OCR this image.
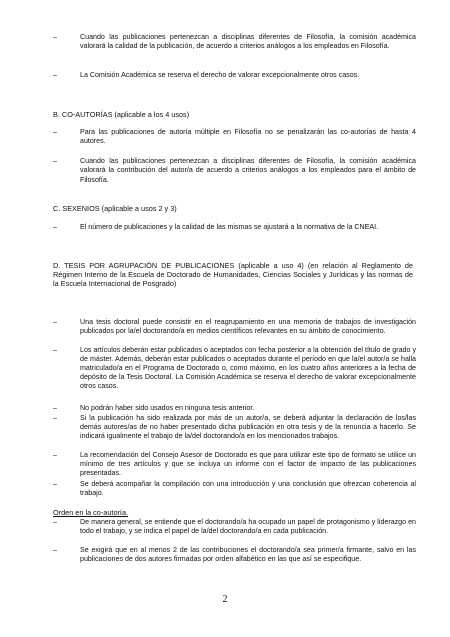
–	Cuando las publicaciones pertenezcan a disciplinas diferentes de Filosofía, la comisión académica valorará la calidad de la publicación, de acuerdo a criterios análogos a los empleados en Filosofía.
–	La Comisión Académica se reserva el derecho de valorar excepcionalmente otros casos.
B. CO-AUTORÍAS (aplicable a los 4 usos)
–	Para las publicaciones de autoría múltiple en Filosofía no se penalizarán las co-autorías de hasta 4 autores.
–	Cuando las publicaciones pertenezcan a disciplinas diferentes de Filosofía, la comisión académica valorará la contribución del autor/a de acuerdo a criterios análogos a los empleados para el ámbito de Filosofía.
C. SEXENIOS (aplicable a usos 2 y 3)
–	El número de publicaciones y la calidad de las mismas se ajustará a la normativa de la CNEAI.
D. TESIS POR AGRUPACIÓN DE PUBLICACIONES (aplicable a uso 4) (en relación al Reglamento de Régimen Interno de la Escuela de Doctorado de Humanidades, Ciencias Sociales y Jurídicas y las normas de la Escuela Internacional de Posgrado)
–	Una tesis doctoral puede consistir en el reagrupamiento en una memoria de trabajos de investigación publicados por la/el doctorando/a en medios científicos relevantes en su ámbito de conocimiento.
–	Los artículos deberán estar publicados o aceptados con fecha posterior a la obtención del título de grado y de máster. Además, deberán estar publicados o aceptados durante el período en que la/el autor/a se halla matriculado/a en el Programa de Doctorado o, como máximo, en los cuatro años anteriores a la fecha de depósito de la Tesis Doctoral. La Comisión Académica se reserva el derecho de valorar excepcionalmente otros casos.
–	No podrán haber sido usados en ninguna tesis anterior.
–	Si la publicación ha sido realizada por más de un autor/a, se deberá adjuntar la declaración de los/las demás autores/as de no haber presentado dicha publicación en otra tesis y de la renuncia a hacerlo. Se indicará igualmente el trabajo de la/del doctorando/a en los mencionados trabajos.
–	La recomendación del Consejo Asesor de Doctorado es que para utilizar este tipo de formato se utilice un mínimo de tres artículos y que se incluya un informe con el factor de impacto de las publicaciones presentadas.
–	Se deberá acompañar la compilación con una introducción y una conclusión que ofrezcan coherencia al trabajo.
Orden en la co-autoría.
–	De manera general, se entiende que el doctorando/a ha ocupado un papel de protagonismo y liderazgo en todo el trabajo, y se indica el papel de la/del doctorando/a en cada publicación.
–	Se exigirá que en al menos 2 de las contribuciones el doctorando/a sea primer/a firmante, salvo en las publicaciones de dos autores firmadas por orden alfabético en las que así se especifique.
2
